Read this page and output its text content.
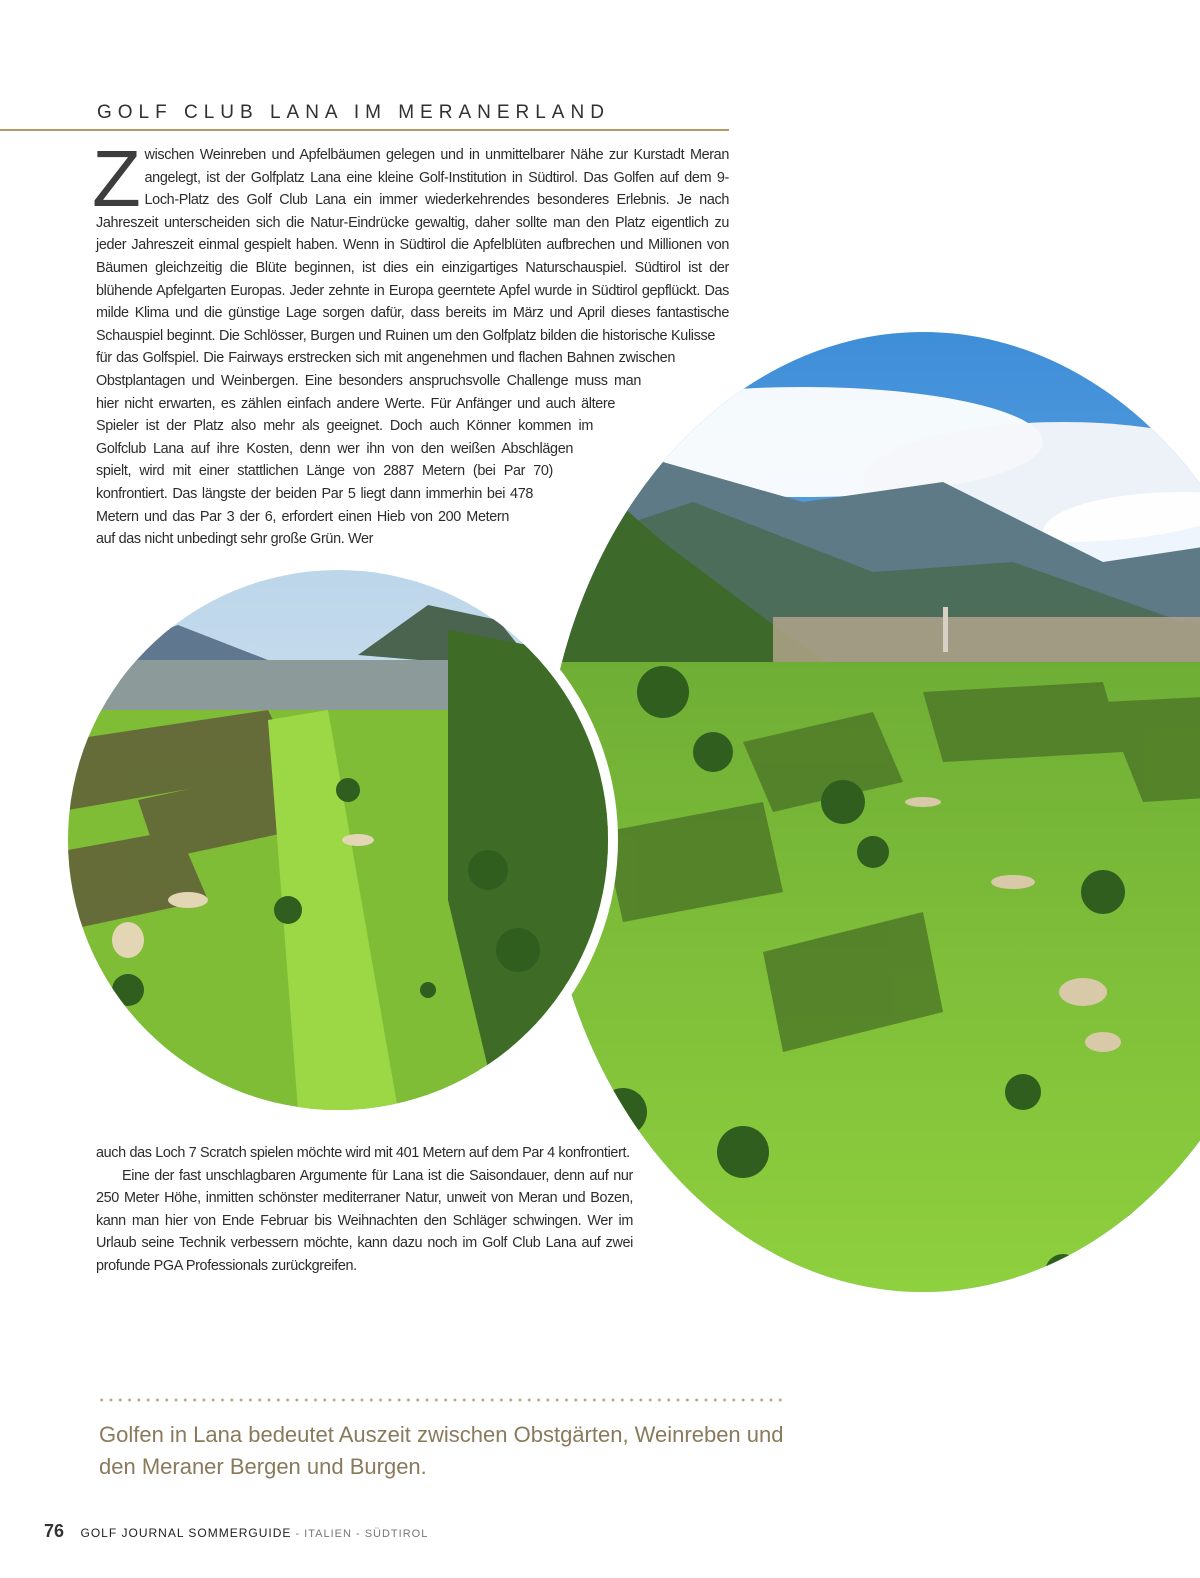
GOLF CLUB LANA IM MERANERLAND
Z wischen Weinreben und Apfelbäumen gelegen und in unmittelbarer Nähe zur Kurstadt Meran angelegt, ist der Golfplatz Lana eine kleine Golf-Institution in Südtirol. Das Golfen auf dem 9-Loch-Platz des Golf Club Lana ein immer wiederkehrendes besonderes Erlebnis. Je nach Jahreszeit unterscheiden sich die Natur-Eindrücke gewaltig, daher sollte man den Platz eigentlich zu jeder Jahreszeit einmal gespielt haben. Wenn in Südtirol die Apfelblüten aufbrechen und Millionen von Bäumen gleichzeitig die Blüte beginnen, ist dies ein einzigartiges Naturschauspiel. Südtirol ist der blühende Apfelgarten Europas. Jeder zehnte in Europa geerntete Apfel wurde in Südtirol gepflückt. Das milde Klima und die günstige Lage sorgen dafür, dass bereits im März und April dieses fantastische Schauspiel beginnt. Die Schlösser, Burgen und Ruinen um den Golfplatz bilden die historische Kulisse für das Golfspiel. Die Fairways erstrecken sich mit angenehmen und flachen Bahnen zwischen Obstplantagen und Weinbergen. Eine besonders anspruchsvolle Challenge muss man hier nicht erwarten, es zählen einfach andere Werte. Für Anfänger und auch ältere Spieler ist der Platz also mehr als geeignet. Doch auch Könner kommen im Golfclub Lana auf ihre Kosten, denn wer ihn von den weißen Abschlägen spielt, wird mit einer stattlichen Länge von 2887 Metern (bei Par 70) konfrontiert. Das längste der beiden Par 5 liegt dann immerhin bei 478 Metern und das Par 3 der 6, erfordert einen Hieb von 200 Metern auf das nicht unbedingt sehr große Grün. Wer

auch das Loch 7 Scratch spielen möchte wird mit 401 Metern auf dem Par 4 konfrontiert.

Eine der fast unschlagbaren Argumente für Lana ist die Saisondauer, denn auf nur 250 Meter Höhe, inmitten schönster mediterraner Natur, unweit von Meran und Bozen, kann man hier von Ende Februar bis Weihnachten den Schläger schwingen. Wer im Urlaub seine Technik verbessern möchte, kann dazu noch im Golf Club Lana auf zwei profunde PGA Professionals zurückgreifen.

Golfen in Lana bedeutet Auszeit zwischen Obstgärten, Weinreben und den Meraner Bergen und Burgen.

76 GOLF JOURNAL SOMMERGUIDE - ITALIEN - SÜDTIROL
